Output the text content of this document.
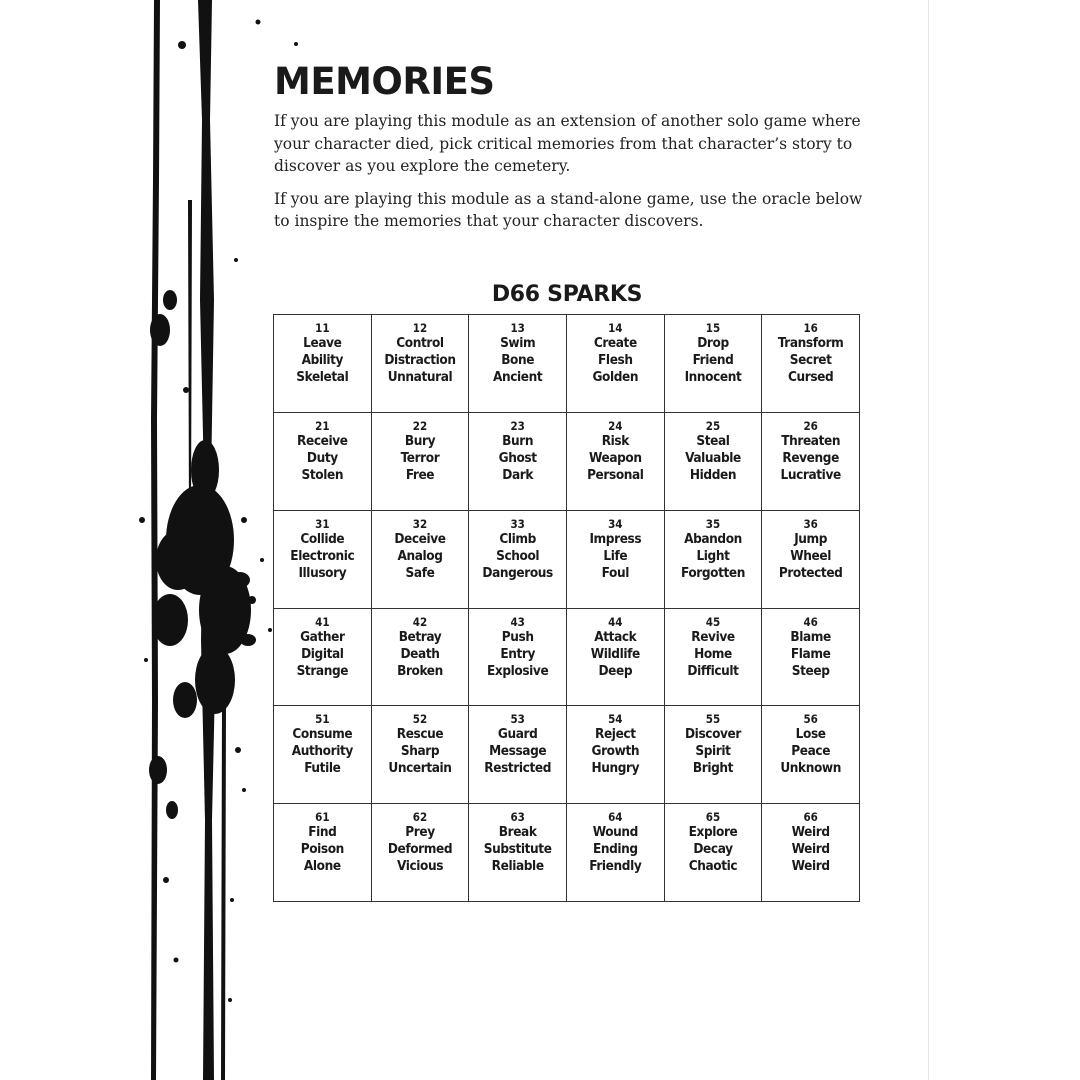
MEMORIES

If you are playing this module as an extension of another solo game where your character died, pick critical memories from that character’s story to discover as you explore the cemetery.

If you are playing this module as a stand-alone game, use the oracle below to inspire the memories that your character discovers.

D66 SPARKS
11
Leave
Ability
Skeletal
12
Control
Distraction
Unnatural
13
Swim
Bone
Ancient
14
Create
Flesh
Golden
15
Drop
Friend
Innocent
16
Transform
Secret
Cursed
21
Receive
Duty
Stolen
22
Bury
Terror
Free
23
Burn
Ghost
Dark
24
Risk
Weapon
Personal
25
Steal
Valuable
Hidden
26
Threaten
Revenge
Lucrative
31
Collide
Electronic
Illusory
32
Deceive
Analog
Safe
33
Climb
School
Dangerous
34
Impress
Life
Foul
35
Abandon
Light
Forgotten
36
Jump
Wheel
Protected
41
Gather
Digital
Strange
42
Betray
Death
Broken
43
Push
Entry
Explosive
44
Attack
Wildlife
Deep
45
Revive
Home
Difficult
46
Blame
Flame
Steep
51
Consume
Authority
Futile
52
Rescue
Sharp
Uncertain
53
Guard
Message
Restricted
54
Reject
Growth
Hungry
55
Discover
Spirit
Bright
56
Lose
Peace
Unknown
61
Find
Poison
Alone
62
Prey
Deformed
Vicious
63
Break
Substitute
Reliable
64
Wound
Ending
Friendly
65
Explore
Decay
Chaotic
66
Weird
Weird
Weird
